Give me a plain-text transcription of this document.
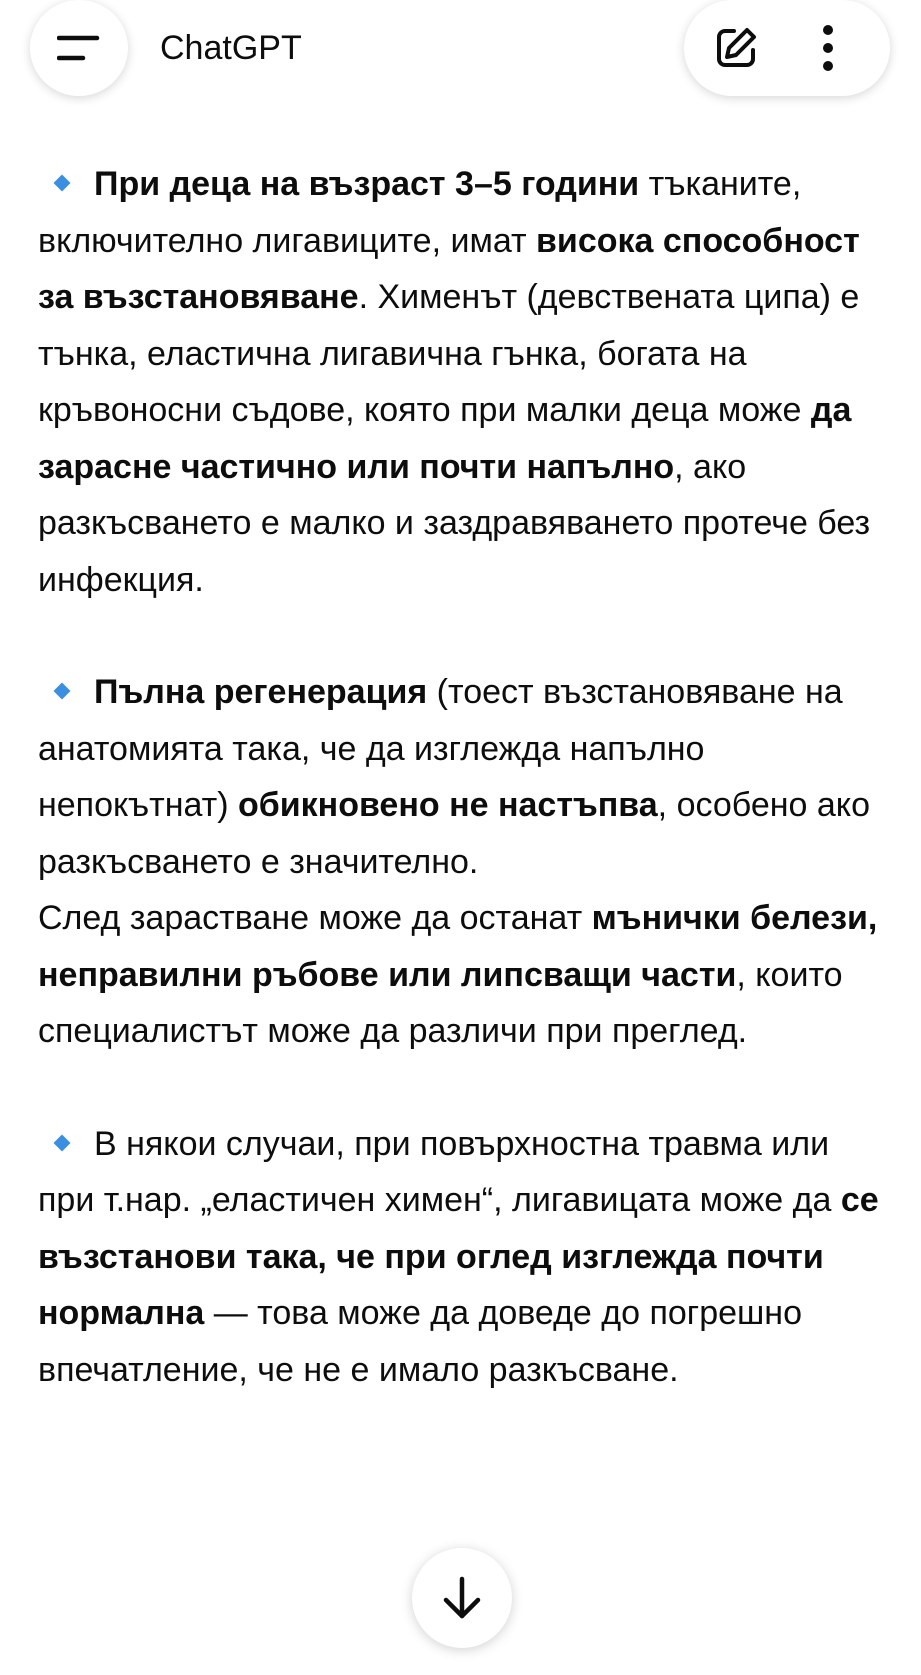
ChatGPT

При деца на възраст 3–5 години тъканите, включително лигавиците, имат висока способност за възстановяване. Хименът (девствената ципа) е тънка, еластична лигавична гънка, богата на кръвоносни съдове, която при малки деца може да зарасне частично или почти напълно, ако разкъсването е малко и заздравяването протече без инфекция.

Пълна регенерация (тоест възстановяване на анатомията така, че да изглежда напълно непокътнат) обикновено не настъпва, особено ако разкъсването е значително.

След зарастване може да останат мънички белези, неправилни ръбове или липсващи части, които специалистът може да различи при преглед.

В някои случаи, при повърхностна травма или при т.нар. „еластичен химен“, лигавицата може да се възстанови така, че при оглед изглежда почти нормална — това може да доведе до погрешно впечатление, че не е имало разкъсване.
